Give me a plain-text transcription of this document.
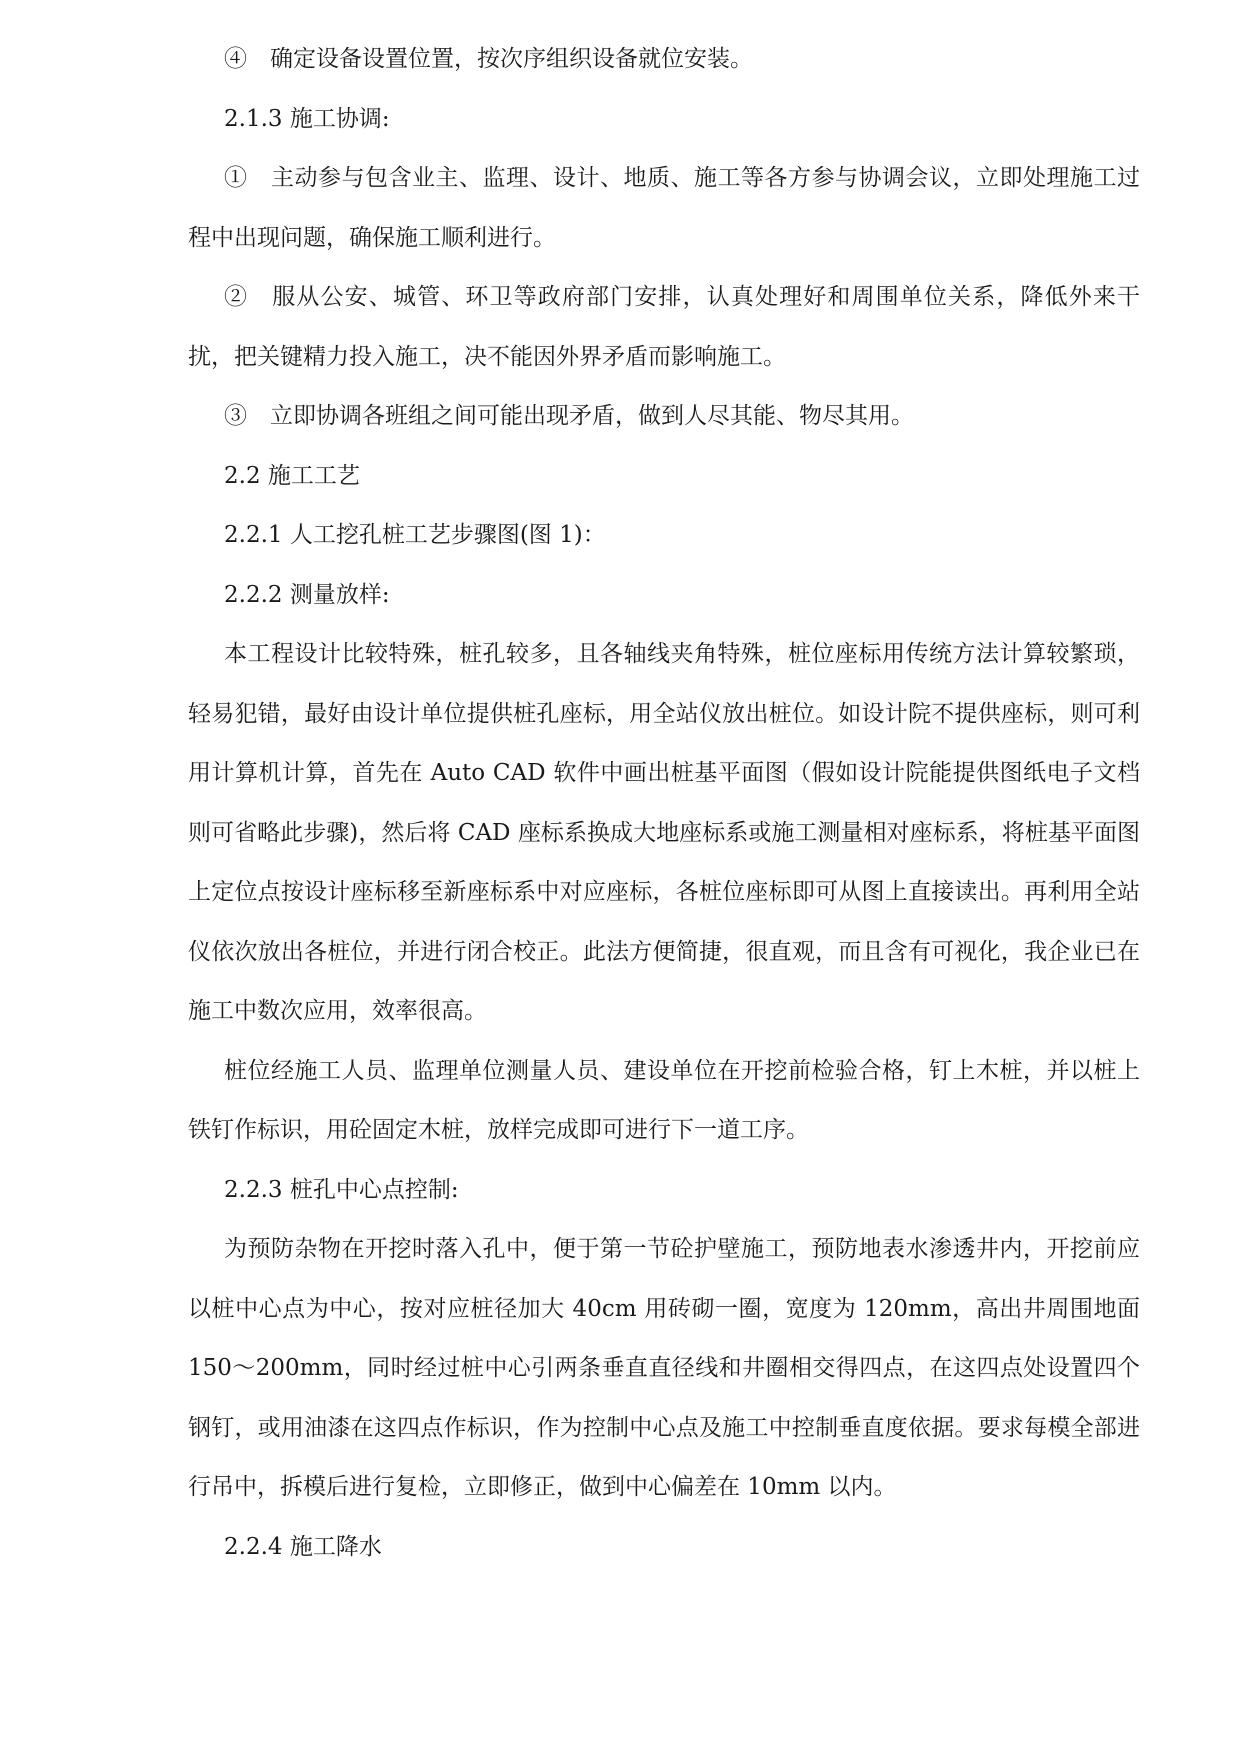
④　确定设备设置位置，按次序组织设备就位安装。

2.1.3 施工协调:

①　主动参与包含业主、监理、设计、地质、施工等各方参与协调会议，立即处理施工过程中出现问题，确保施工顺利进行。

②　服从公安、城管、环卫等政府部门安排，认真处理好和周围单位关系，降低外来干扰，把关键精力投入施工，决不能因外界矛盾而影响施工。

③　立即协调各班组之间可能出现矛盾，做到人尽其能、物尽其用。

2.2 施工工艺

2.2.1 人工挖孔桩工艺步骤图(图 1)：

2.2.2 测量放样:

本工程设计比较特殊，桩孔较多，且各轴线夹角特殊，桩位座标用传统方法计算较繁琐，轻易犯错，最好由设计单位提供桩孔座标，用全站仪放出桩位。如设计院不提供座标，则可利用计算机计算，首先在 Auto CAD 软件中画出桩基平面图（假如设计院能提供图纸电子文档则可省略此步骤)，然后将 CAD 座标系换成大地座标系或施工测量相对座标系，将桩基平面图上定位点按设计座标移至新座标系中对应座标，各桩位座标即可从图上直接读出。再利用全站仪依次放出各桩位，并进行闭合校正。此法方便简捷，很直观，而且含有可视化，我企业已在施工中数次应用，效率很高。

桩位经施工人员、监理单位测量人员、建设单位在开挖前检验合格，钉上木桩，并以桩上铁钉作标识，用砼固定木桩，放样完成即可进行下一道工序。

2.2.3 桩孔中心点控制:

为预防杂物在开挖时落入孔中，便于第一节砼护壁施工，预防地表水渗透井内，开挖前应以桩中心点为中心，按对应桩径加大 40cm 用砖砌一圈，宽度为 120mm，高出井周围地面 150～200mm，同时经过桩中心引两条垂直直径线和井圈相交得四点，在这四点处设置四个钢钉，或用油漆在这四点作标识，作为控制中心点及施工中控制垂直度依据。要求每模全部进行吊中，拆模后进行复检，立即修正，做到中心偏差在 10mm 以内。

2.2.4 施工降水
